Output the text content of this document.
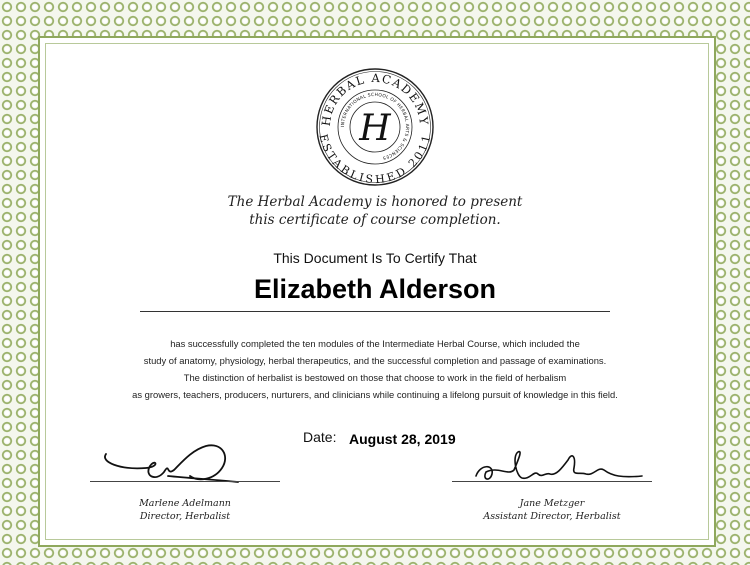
HERBAL ACADEMY
ESTABLISHED 2011
INTERNATIONAL SCHOOL OF HERBAL ARTS & SCIENCES
H
The Herbal Academy is honored to present
this certificate of course completion.
This Document Is To Certify That
Elizabeth Alderson
has successfully completed the ten modules of the Intermediate Herbal Course, which included the
study of anatomy, physiology, herbal therapeutics, and the successful completion and passage of examinations.
The distinction of herbalist is bestowed on those that choose to work in the field of herbalism
as growers, teachers, producers, nurturers, and clinicians while continuing a lifelong pursuit of knowledge in this field.
Date: August 28, 2019
Marlene Adelmann
Director, Herbalist
Jane Metzger
Assistant Director, Herbalist
